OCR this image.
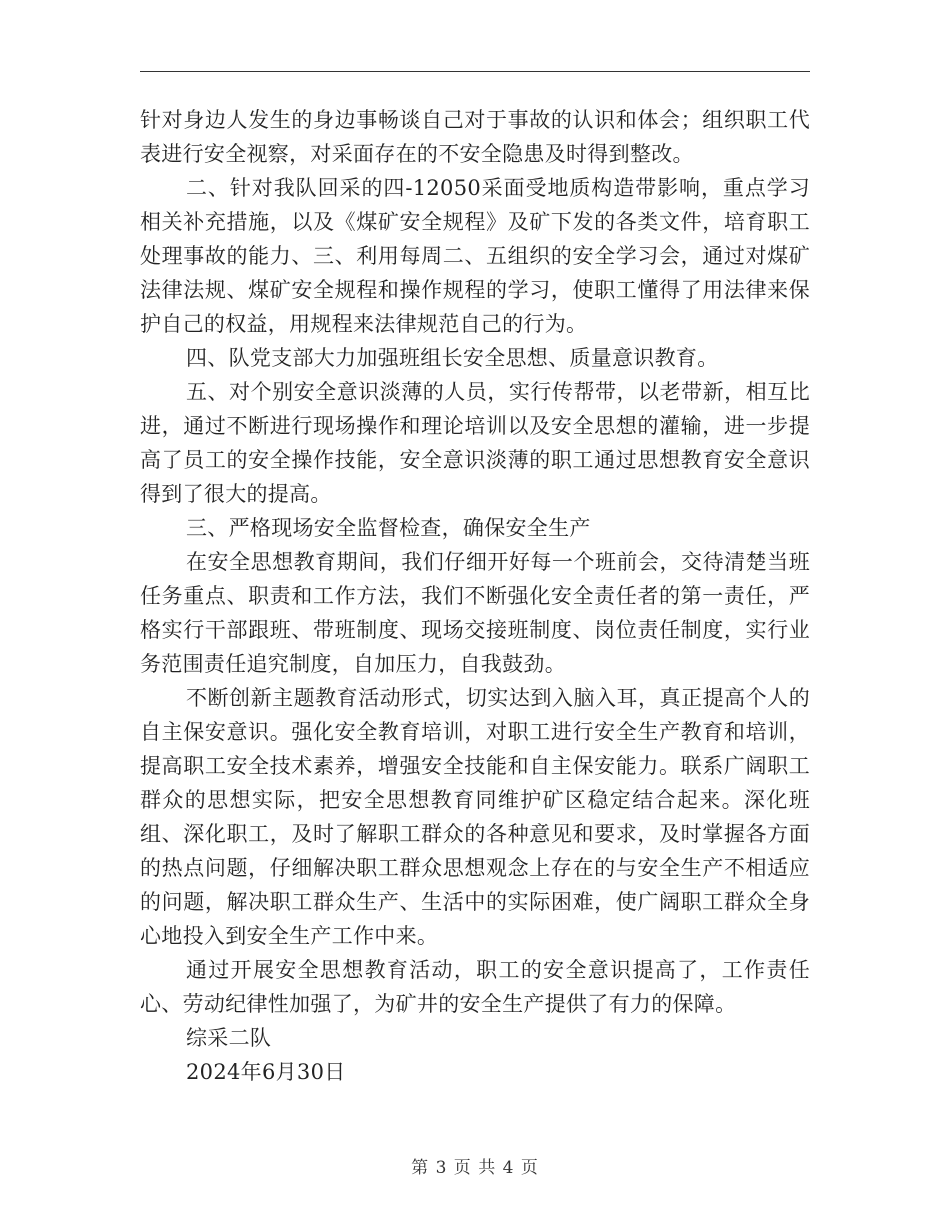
针对身边人发生的身边事畅谈自己对于事故的认识和体会；组织职工代表进行安全视察，对采面存在的不安全隐患及时得到整改。

二、针对我队回采的四-12050采面受地质构造带影响，重点学习相关补充措施，以及《煤矿安全规程》及矿下发的各类文件，培育职工处理事故的能力、三、利用每周二、五组织的安全学习会，通过对煤矿法律法规、煤矿安全规程和操作规程的学习，使职工懂得了用法律来保护自己的权益，用规程来法律规范自己的行为。

四、队党支部大力加强班组长安全思想、质量意识教育。

五、对个别安全意识淡薄的人员，实行传帮带，以老带新，相互比进，通过不断进行现场操作和理论培训以及安全思想的灌输，进一步提高了员工的安全操作技能，安全意识淡薄的职工通过思想教育安全意识得到了很大的提高。

三、严格现场安全监督检查，确保安全生产

在安全思想教育期间，我们仔细开好每一个班前会，交待清楚当班任务重点、职责和工作方法，我们不断强化安全责任者的第一责任，严格实行干部跟班、带班制度、现场交接班制度、岗位责任制度，实行业务范围责任追究制度，自加压力，自我鼓劲。

不断创新主题教育活动形式，切实达到入脑入耳，真正提高个人的自主保安意识。强化安全教育培训，对职工进行安全生产教育和培训，提高职工安全技术素养，增强安全技能和自主保安能力。联系广阔职工群众的思想实际，把安全思想教育同维护矿区稳定结合起来。深化班组、深化职工，及时了解职工群众的各种意见和要求，及时掌握各方面的热点问题，仔细解决职工群众思想观念上存在的与安全生产不相适应的问题，解决职工群众生产、生活中的实际困难，使广阔职工群众全身心地投入到安全生产工作中来。

通过开展安全思想教育活动，职工的安全意识提高了，工作责任心、劳动纪律性加强了，为矿井的安全生产提供了有力的保障。

综采二队

2024年6月30日

第 3 页 共 4 页
